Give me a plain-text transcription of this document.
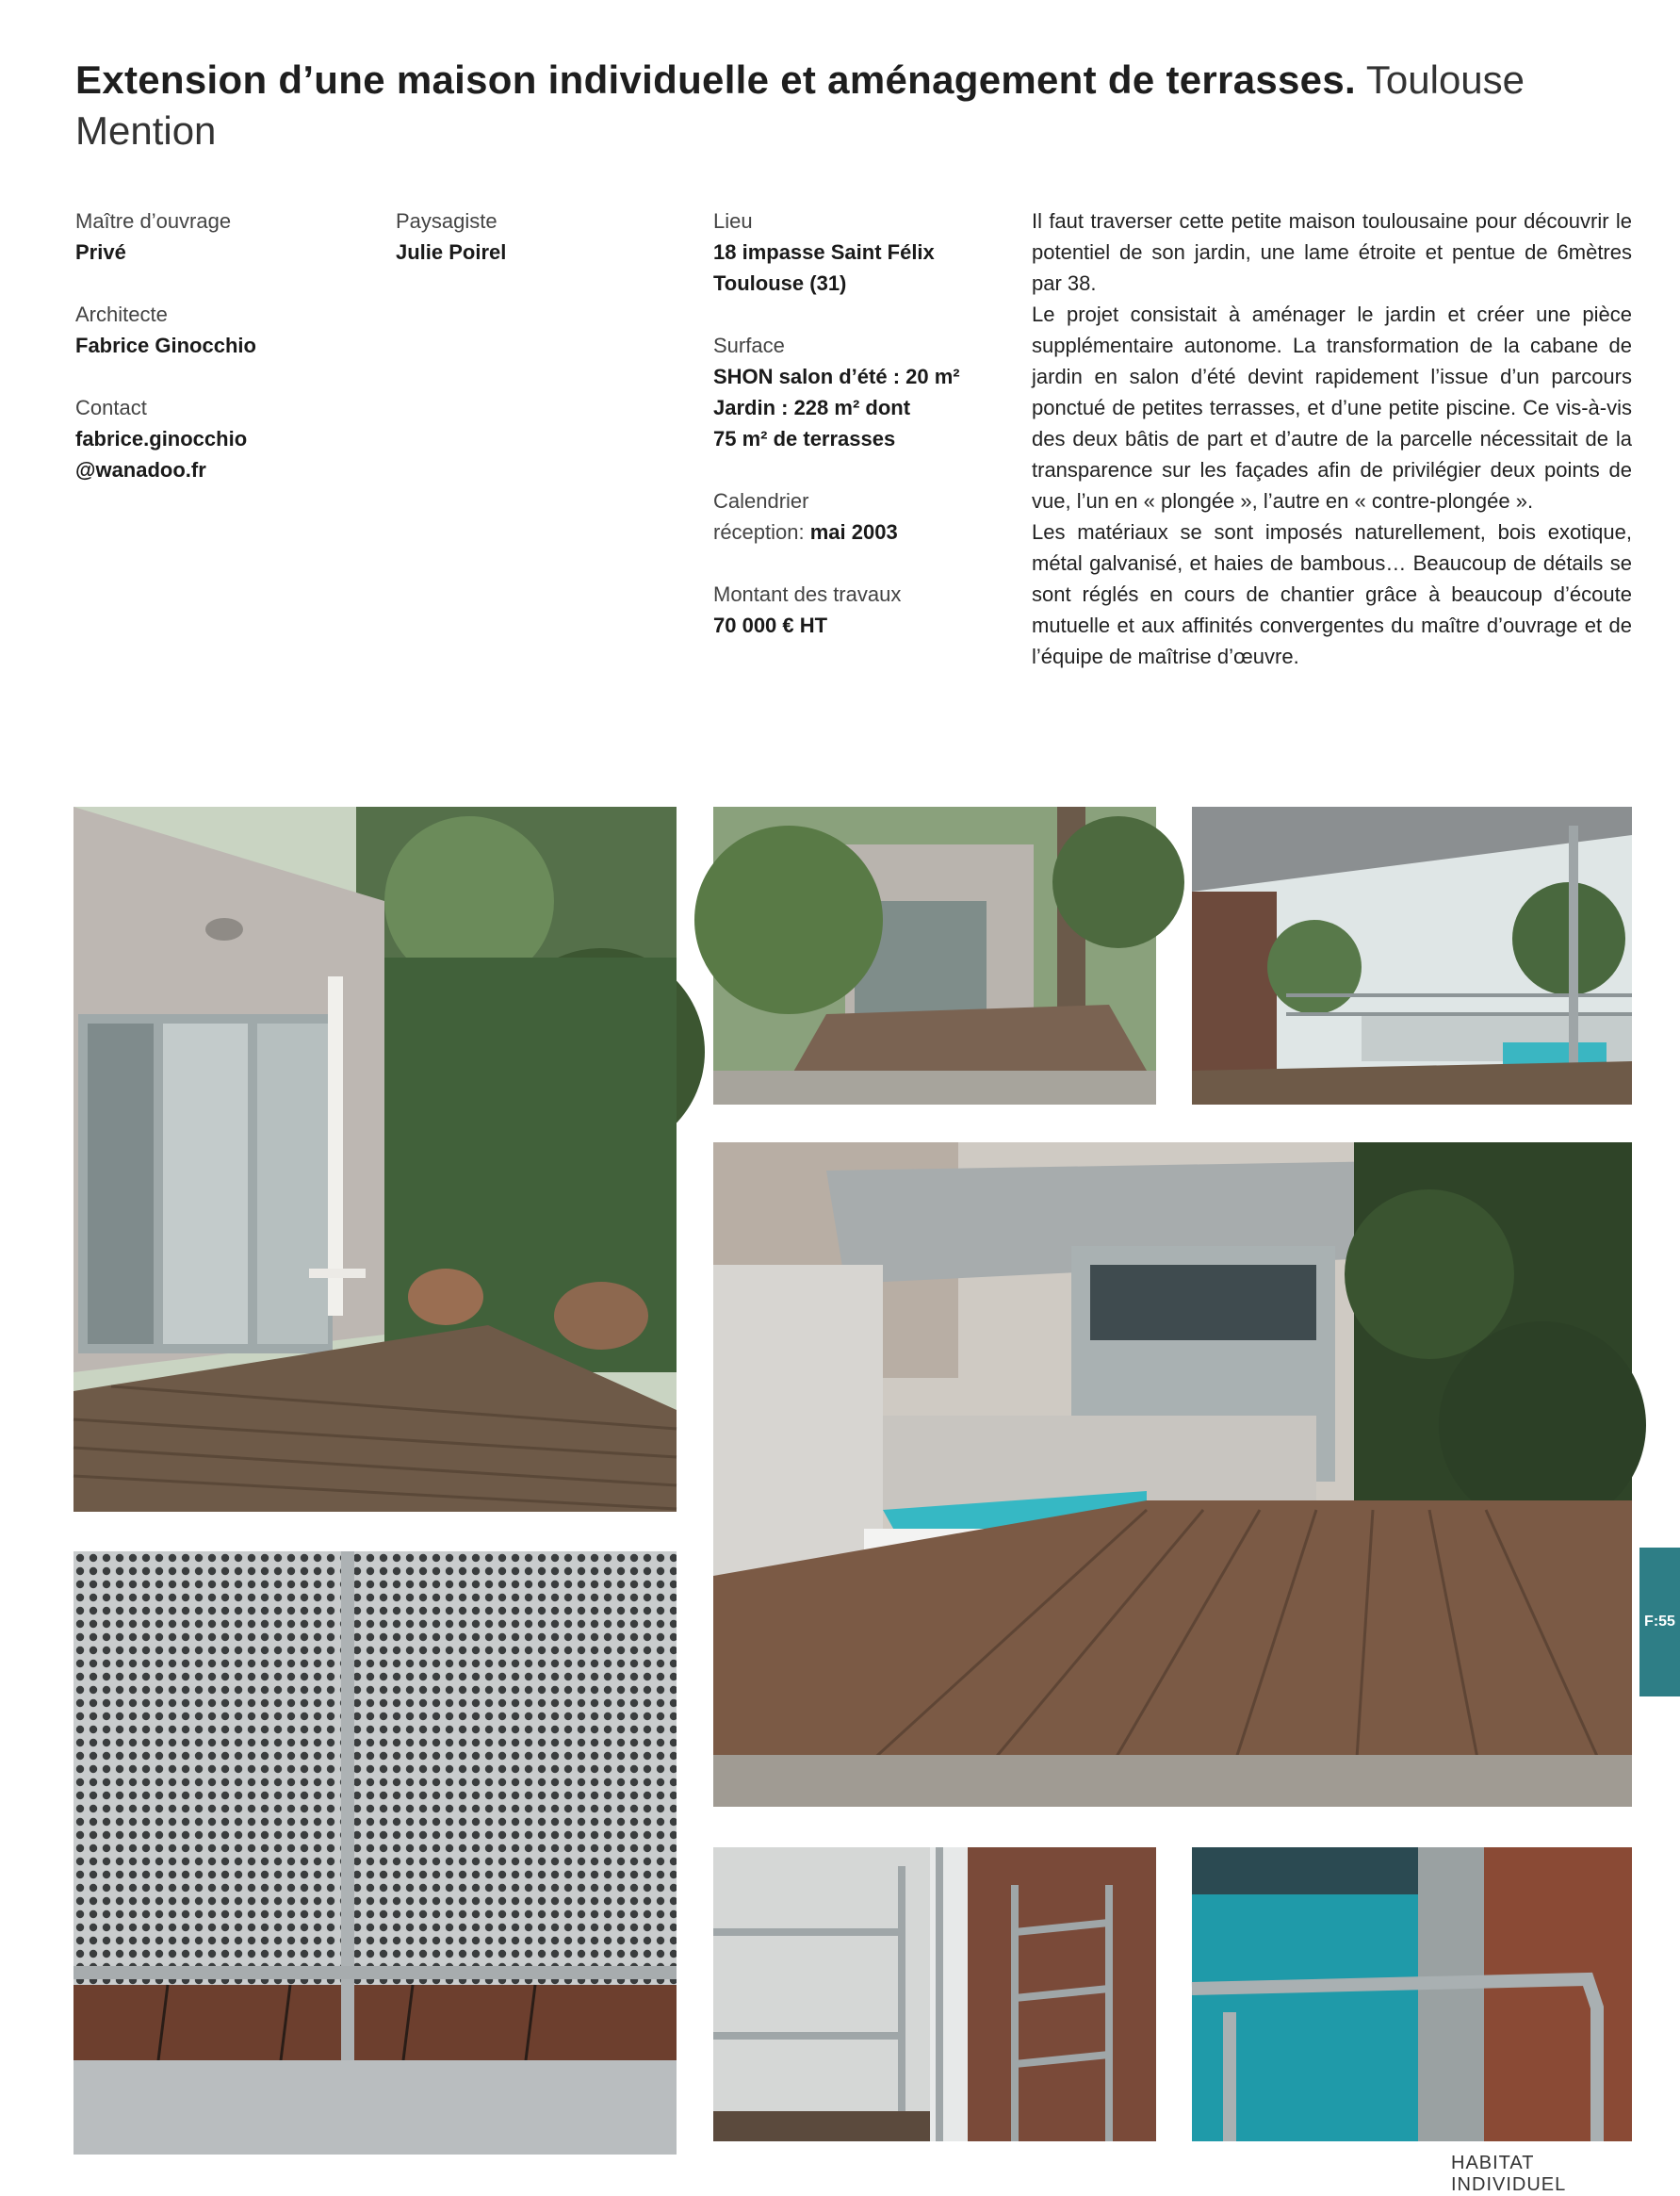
Extension d’une maison individuelle et aménagement de terrasses. Toulouse
Mention
Maître d’ouvrage
Privé
Architecte
Fabrice Ginocchio
Contact
fabrice.ginocchio
@wanadoo.fr
Paysagiste
Julie Poirel
Lieu
18 impasse Saint Félix
Toulouse (31)
Surface
SHON salon d’été : 20 m²
Jardin : 228 m² dont
75 m² de terrasses
Calendrier
réception: mai 2003
Montant des travaux
70 000 € HT

Il faut traverser cette petite maison toulousaine pour découvrir le potentiel de son jardin, une lame étroite et pentue de 6mètres par 38.

Le projet consistait à aménager le jardin et créer une pièce supplémentaire autonome. La transformation de la cabane de jardin en salon d’été devint rapidement l’issue d’un parcours ponctué de petites terrasses, et d’une petite piscine. Ce vis-à-vis des deux bâtis de part et d’autre de la parcelle nécessitait de la transparence sur les façades afin de privilégier deux points de vue, l’un en « plongée », l’autre en « contre-plongée ».

Les matériaux se sont imposés naturellement, bois exotique, métal galvanisé, et haies de bambous… Beaucoup de détails se sont réglés en cours de chantier grâce à beaucoup d’écoute mutuelle et aux affinités convergentes du maître d’ouvrage et de l’équipe de maîtrise d’œuvre.

F:55
HABITAT INDIVIDUEL
